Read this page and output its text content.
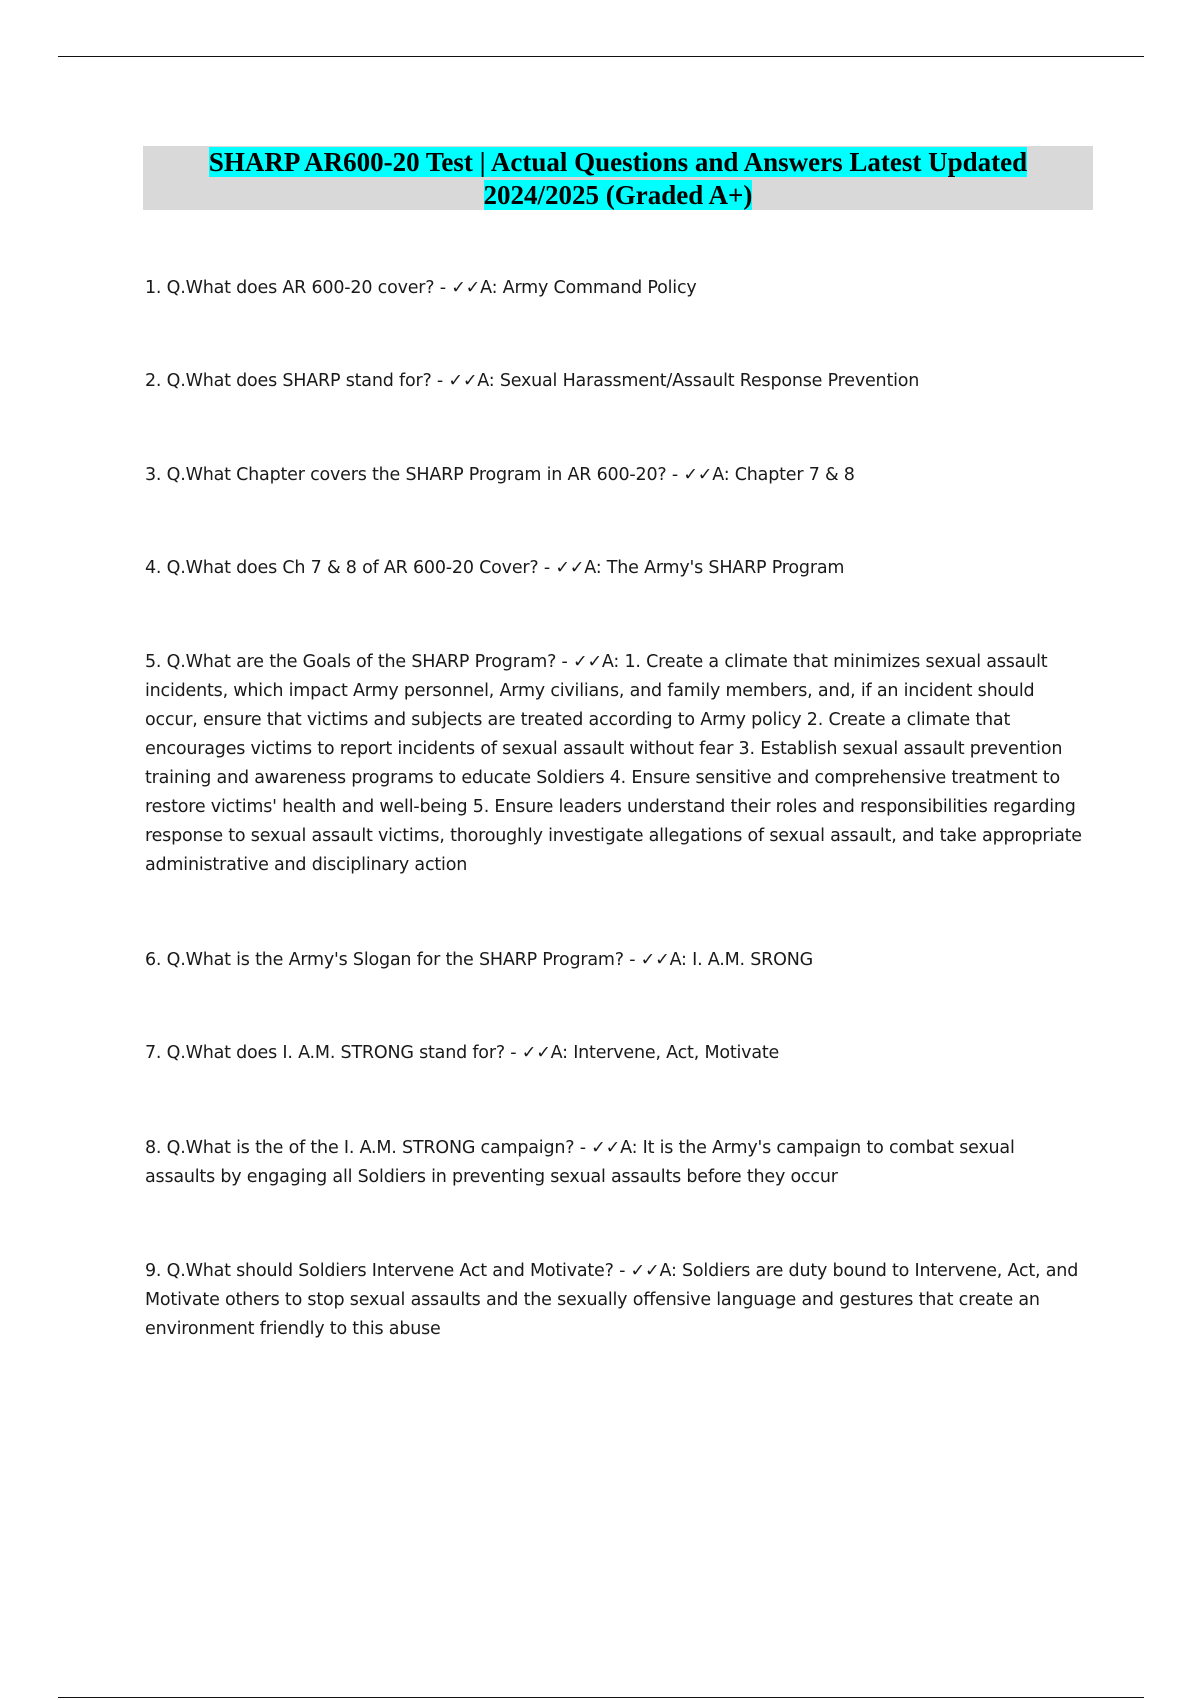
SHARP AR600-20 Test | Actual Questions and Answers Latest Updated
2024/2025 (Graded A+)

1. Q.What does AR 600-20 cover? - ✓✓A: Army Command Policy

2. Q.What does SHARP stand for? - ✓✓A: Sexual Harassment/Assault Response Prevention

3. Q.What Chapter covers the SHARP Program in AR 600-20? - ✓✓A: Chapter 7 & 8

4. Q.What does Ch 7 & 8 of AR 600-20 Cover? - ✓✓A: The Army's SHARP Program

5. Q.What are the Goals of the SHARP Program? - ✓✓A: 1. Create a climate that minimizes sexual assault incidents, which impact Army personnel, Army civilians, and family members, and, if an incident should occur, ensure that victims and subjects are treated according to Army policy 2. Create a climate that encourages victims to report incidents of sexual assault without fear 3. Establish sexual assault prevention training and awareness programs to educate Soldiers 4. Ensure sensitive and comprehensive treatment to restore victims' health and well-being 5. Ensure leaders understand their roles and responsibilities regarding response to sexual assault victims, thoroughly investigate allegations of sexual assault, and take appropriate administrative and disciplinary action

6. Q.What is the Army's Slogan for the SHARP Program? - ✓✓A: I. A.M. SRONG

7. Q.What does I. A.M. STRONG stand for? - ✓✓A: Intervene, Act, Motivate

8. Q.What is the of the I. A.M. STRONG campaign? - ✓✓A: It is the Army's campaign to combat sexual assaults by engaging all Soldiers in preventing sexual assaults before they occur

9. Q.What should Soldiers Intervene Act and Motivate? - ✓✓A: Soldiers are duty bound to Intervene, Act, and Motivate others to stop sexual assaults and the sexually offensive language and gestures that create an environment friendly to this abuse
